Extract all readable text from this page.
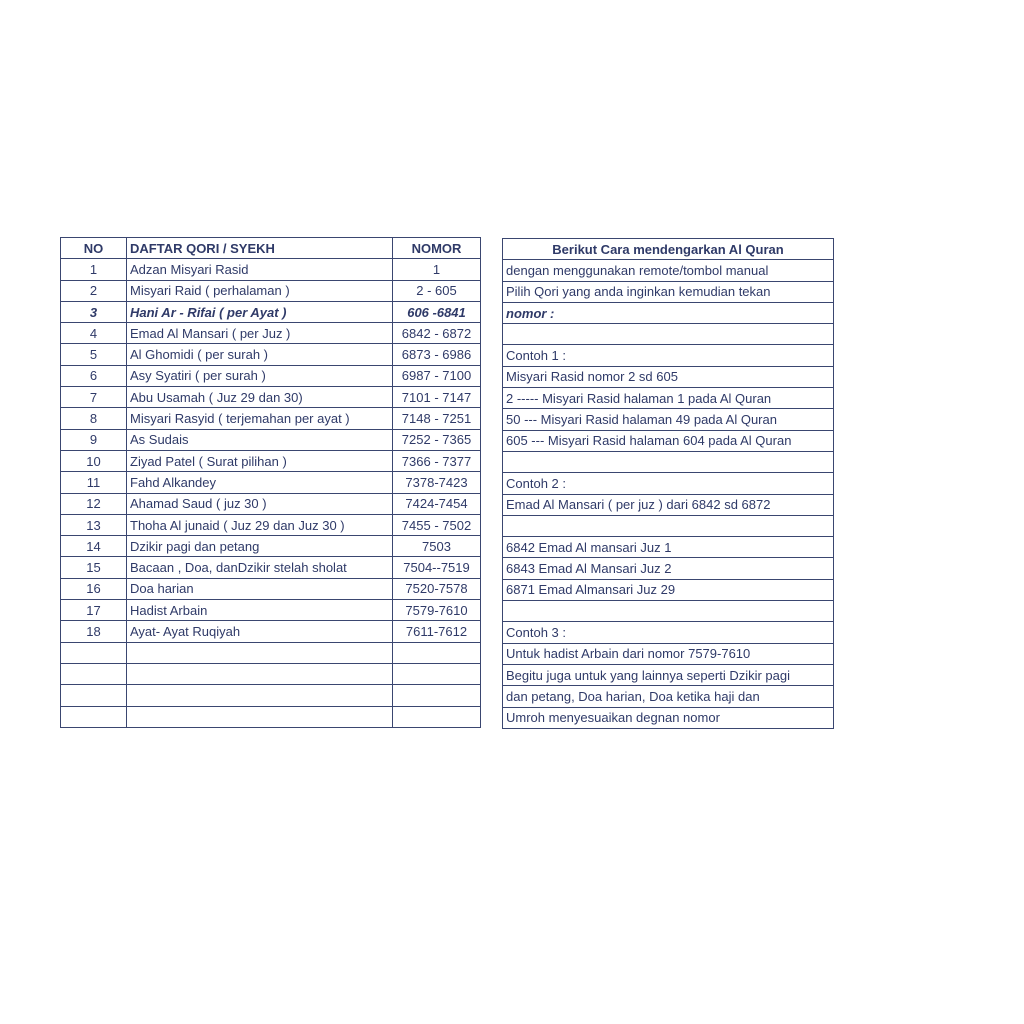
NO	DAFTAR QORI / SYEKH	NOMOR
1	Adzan Misyari Rasid	1
2	Misyari Raid ( perhalaman )	2 - 605
3	Hani Ar - Rifai ( per Ayat )	606 -6841
4	Emad Al Mansari ( per Juz )	6842 - 6872
5	Al Ghomidi ( per surah )	6873 - 6986
6	Asy Syatiri ( per surah )	6987 - 7100
7	Abu Usamah ( Juz 29 dan 30)	7101 - 7147
8	Misyari Rasyid ( terjemahan per ayat )	7148 - 7251
9	As Sudais	7252 - 7365
10	Ziyad Patel ( Surat pilihan )	7366 - 7377
11	Fahd Alkandey	7378-7423
12	Ahamad Saud ( juz 30 )	7424-7454
13	Thoha Al junaid ( Juz 29 dan Juz 30 )	7455 - 7502
14	Dzikir pagi dan petang	7503
15	Bacaan , Doa, danDzikir stelah sholat	7504--7519
16	Doa harian	7520-7578
17	Hadist Arbain	7579-7610
18	Ayat- Ayat Ruqiyah	7611-7612

Berikut Cara mendengarkan Al Quran
dengan menggunakan remote/tombol manual
Pilih Qori yang anda inginkan kemudian tekan
nomor :

Contoh 1 :
Misyari Rasid nomor 2 sd 605
2 ----- Misyari Rasid halaman 1 pada Al Quran
50 --- Misyari Rasid halaman 49 pada Al Quran
605 --- Misyari Rasid halaman 604 pada Al Quran

Contoh 2 :
Emad Al Mansari ( per juz ) dari 6842 sd 6872

6842 Emad Al mansari Juz 1
6843 Emad Al Mansari Juz 2
6871 Emad Almansari Juz 29

Contoh 3 :
Untuk hadist Arbain dari nomor 7579-7610
Begitu juga untuk yang lainnya seperti Dzikir pagi
dan petang, Doa harian, Doa ketika haji dan
Umroh menyesuaikan degnan nomor
